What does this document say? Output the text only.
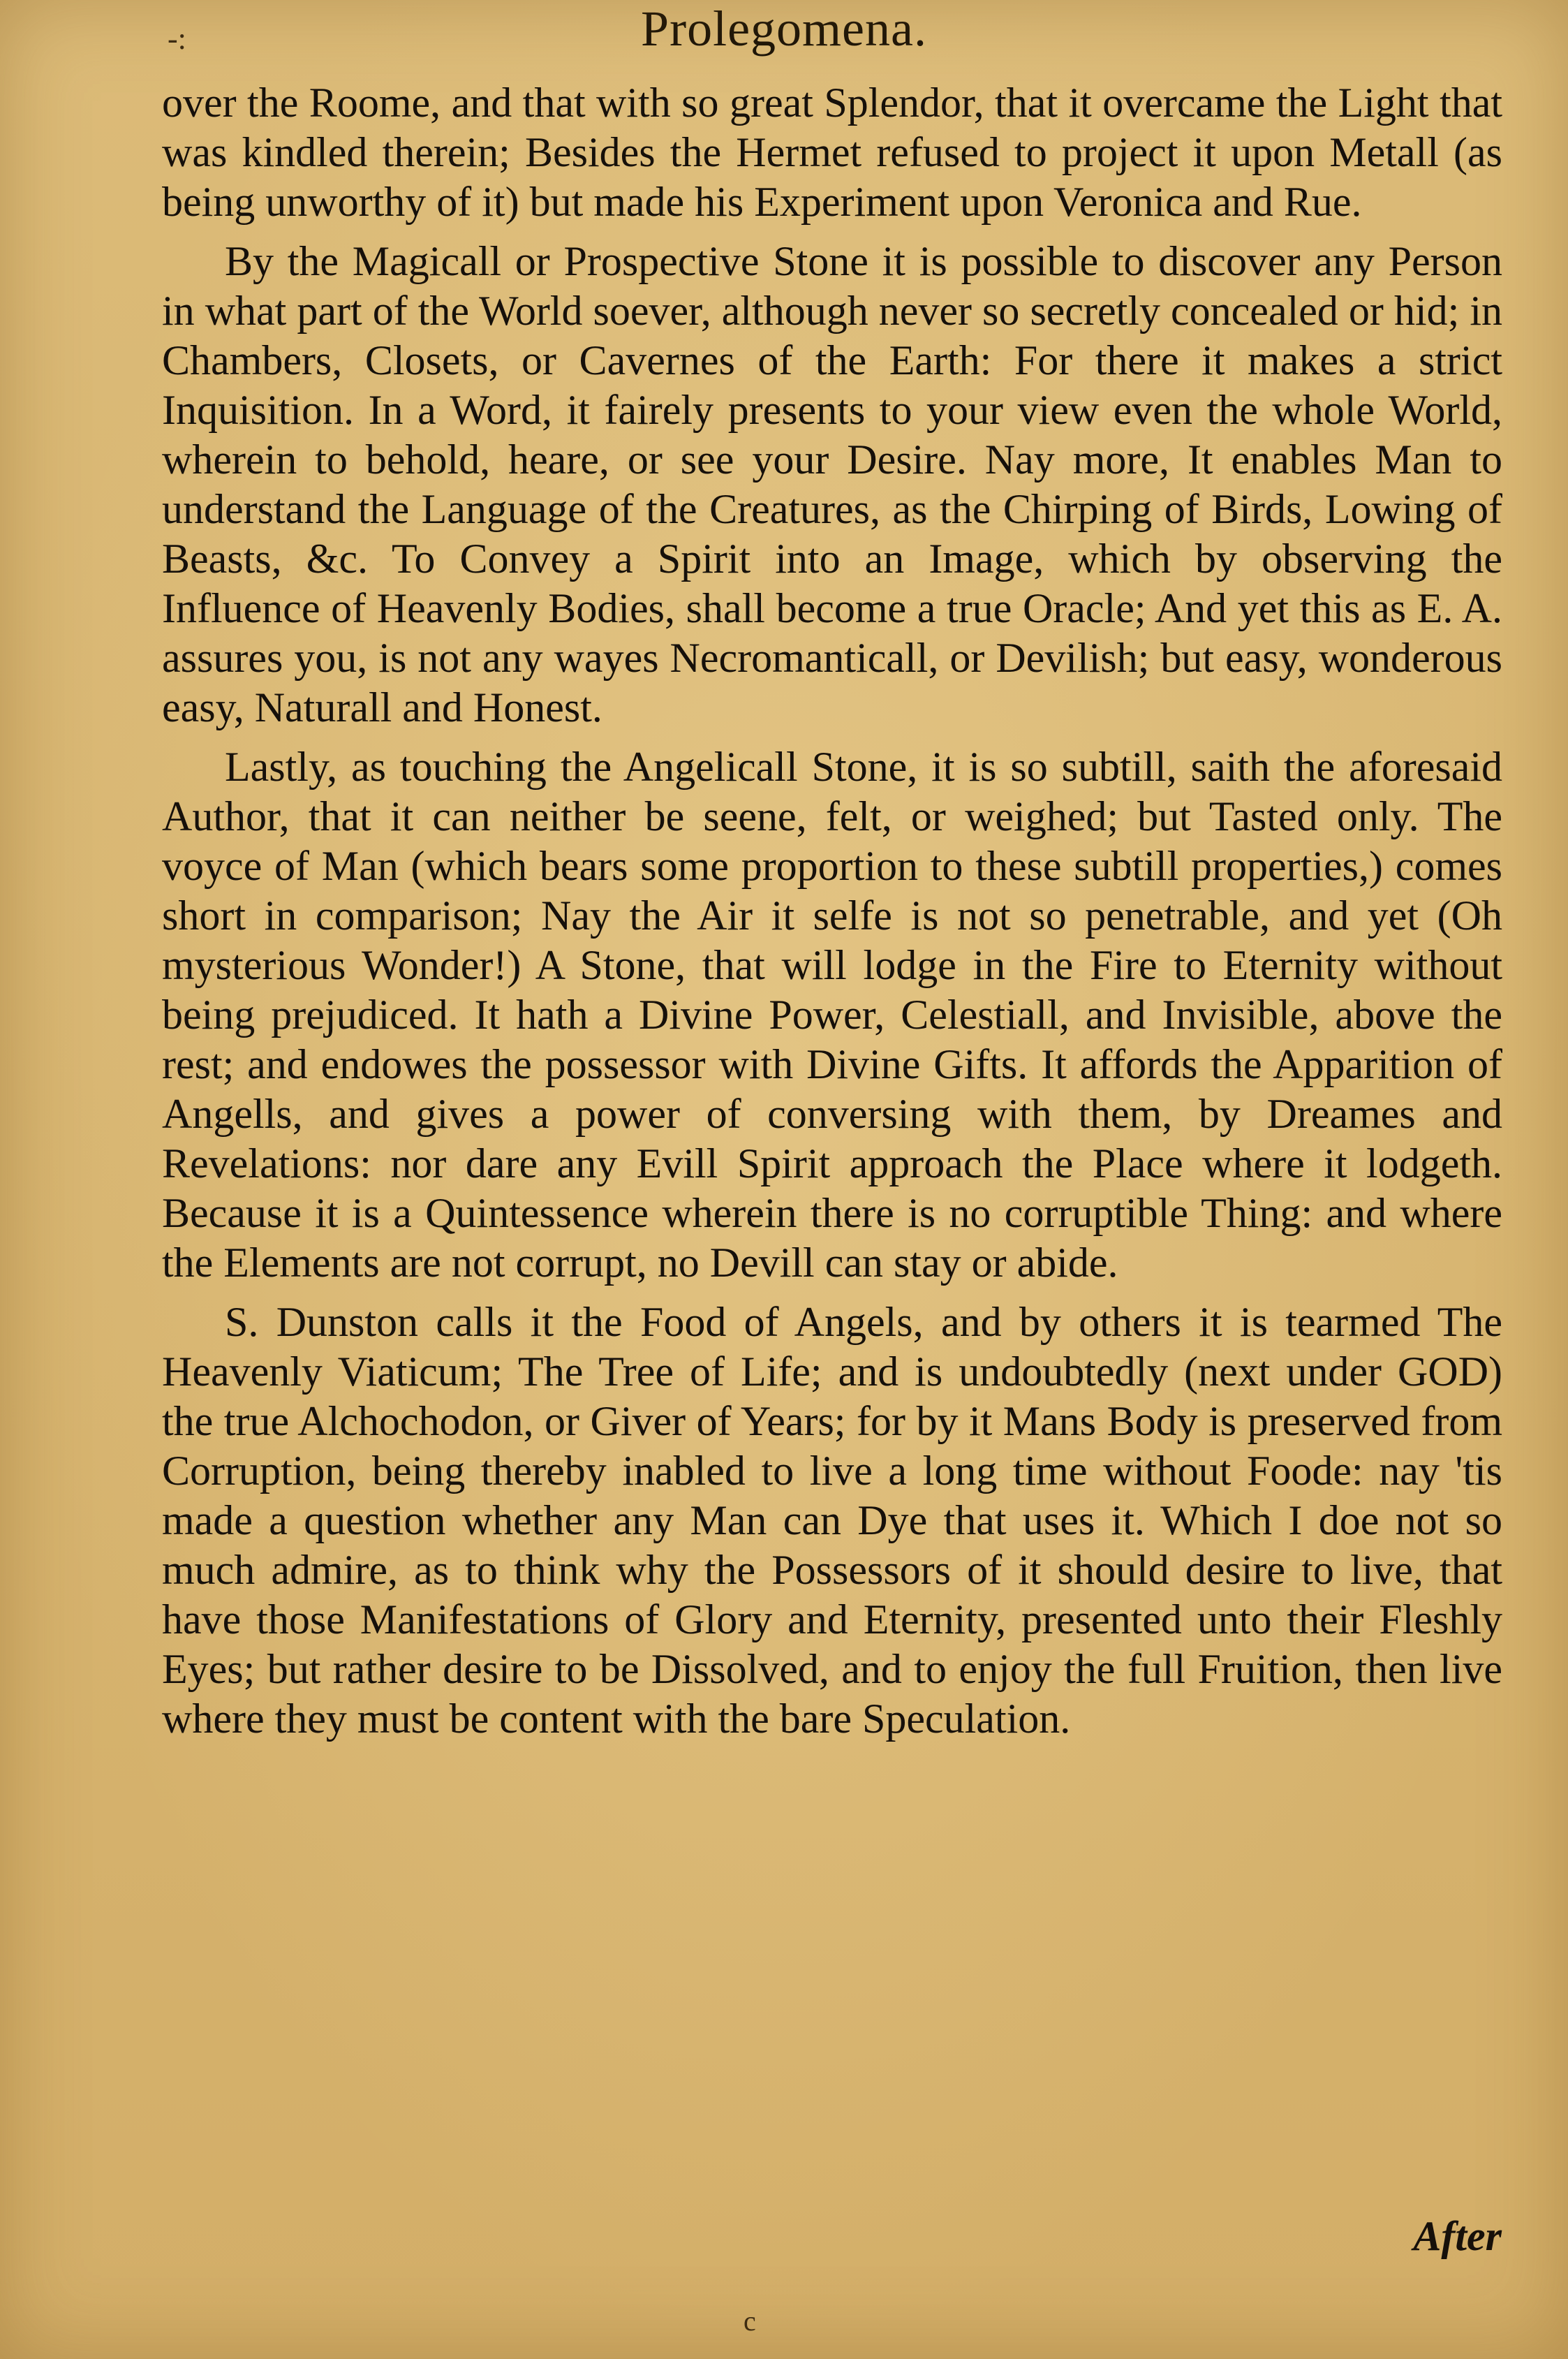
-:	Prolegomena.

over the Roome, and that with so great Splendor, that it overcame the Light that was kindled therein; Besides the Hermet refused to project it upon Metall (as being unworthy of it) but made his Experiment upon Veronica and Rue.

By the Magicall or Prospective Stone it is possible to discover any Person in what part of the World soever, although never so secretly concealed or hid; in Chambers, Closets, or Cavernes of the Earth: For there it makes a strict Inquisition. In a Word, it fairely presents to your view even the whole World, wherein to behold, heare, or see your Desire. Nay more, It enables Man to understand the Language of the Creatures, as the Chirping of Birds, Lowing of Beasts, &c. To Convey a Spirit into an Image, which by observing the Influence of Heavenly Bodies, shall become a true Oracle; And yet this as E. A. assures you, is not any wayes Necromanticall, or Devilish; but easy, wonderous easy, Naturall and Honest.

Lastly, as touching the Angelicall Stone, it is so subtill, saith the aforesaid Author, that it can neither be seene, felt, or weighed; but Tasted only. The voyce of Man (which bears some proportion to these subtill properties,) comes short in comparison; Nay the Air it selfe is not so penetrable, and yet (Oh mysterious Wonder!) A Stone, that will lodge in the Fire to Eternity without being prejudiced. It hath a Divine Power, Celestiall, and Invisible, above the rest; and endowes the possessor with Divine Gifts. It affords the Apparition of Angells, and gives a power of conversing with them, by Dreames and Revelations: nor dare any Evill Spirit approach the Place where it lodgeth. Because it is a Quintessence wherein there is no corruptible Thing: and where the Elements are not corrupt, no Devill can stay or abide.

S. Dunston calls it the Food of Angels, and by others it is tearmed The Heavenly Viaticum; The Tree of Life; and is undoubtedly (next under GOD) the true Alchochodon, or Giver of Years; for by it Mans Body is preserved from Corruption, being thereby inabled to live a long time without Foode: nay 'tis made a question whether any Man can Dye that uses it. Which I doe not so much admire, as to think why the Possessors of it should desire to live, that have those Manifestations of Glory and Eternity, presented unto their Fleshly Eyes; but rather desire to be Dissolved, and to enjoy the full Fruition, then live where they must be content with the bare Speculation.

After
c
